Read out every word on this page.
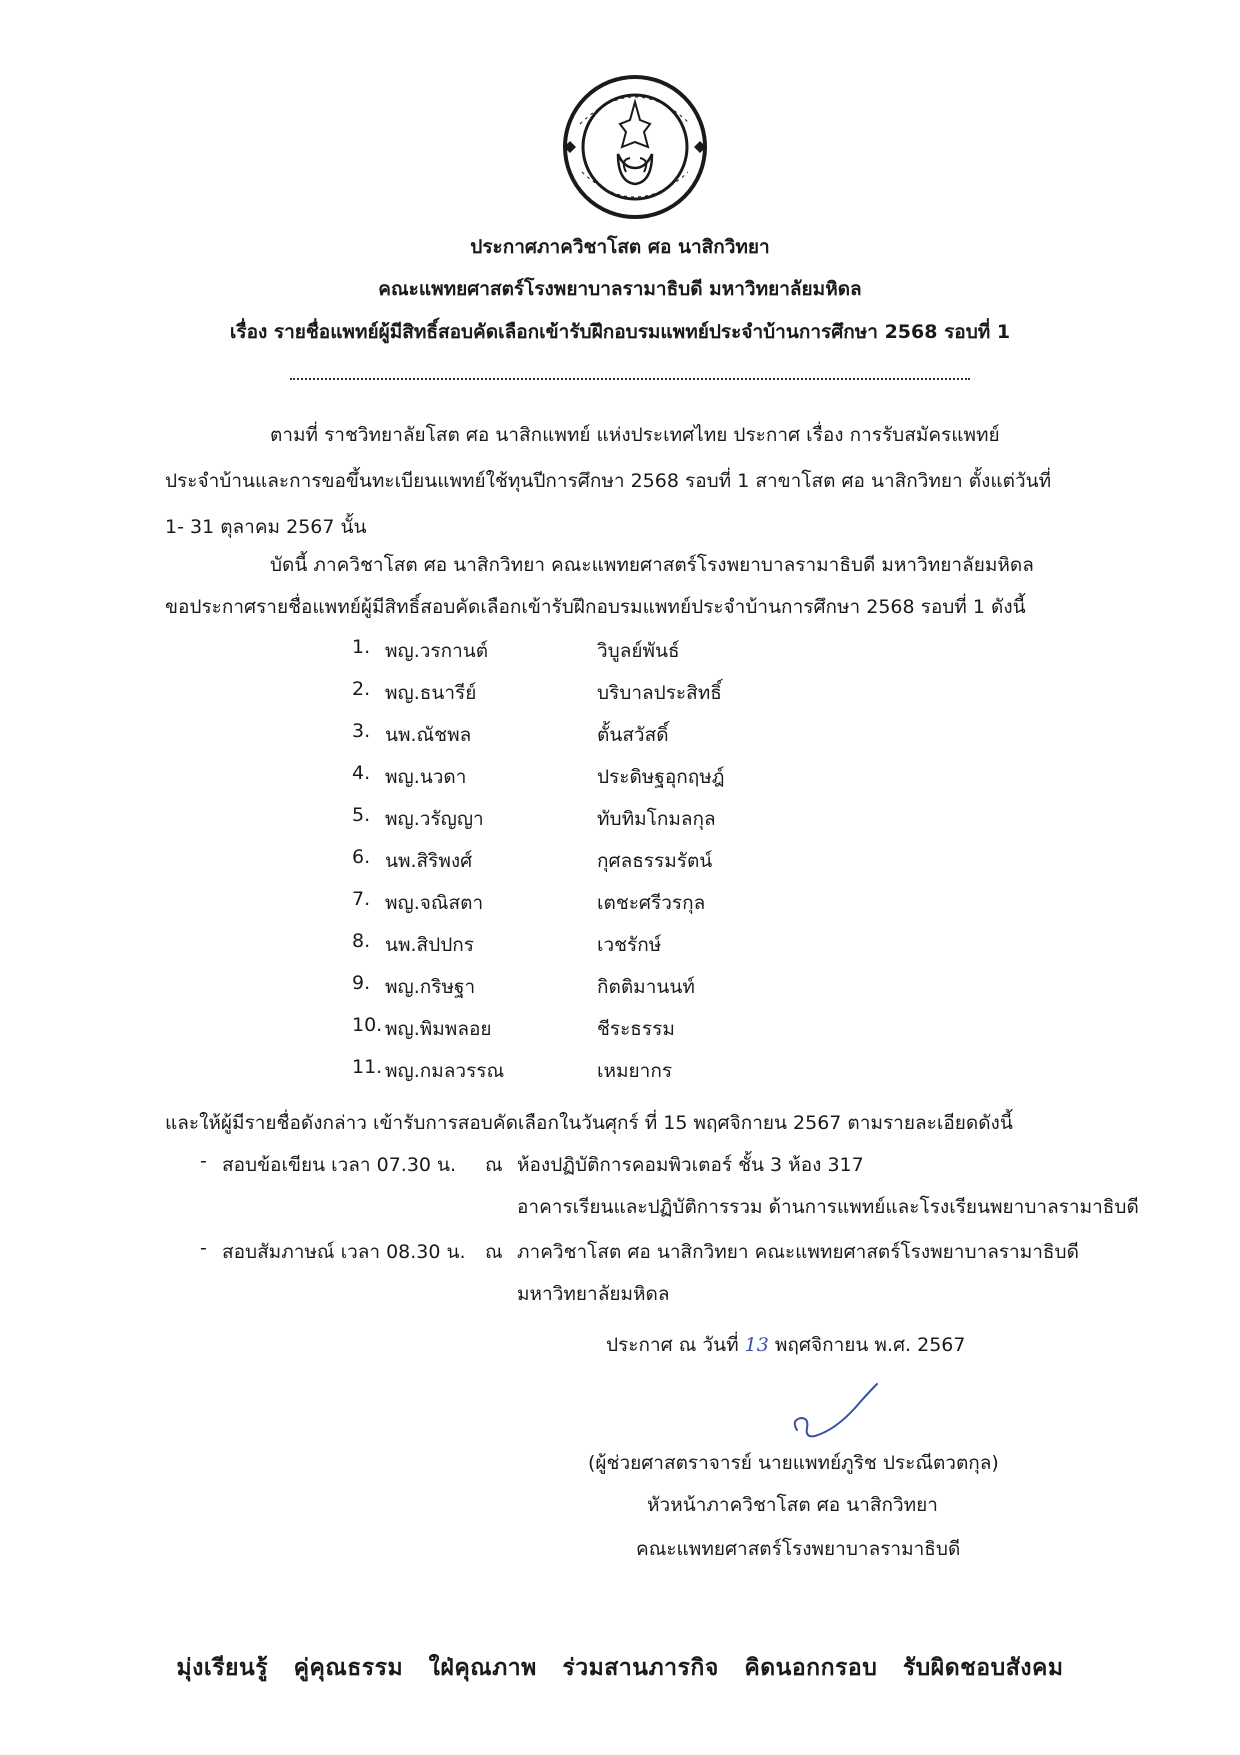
ประกาศภาควิชาโสต ศอ นาสิกวิทยา
คณะแพทยศาสตร์โรงพยาบาลรามาธิบดี มหาวิทยาลัยมหิดล
เรื่อง รายชื่อแพทย์ผู้มีสิทธิ์สอบคัดเลือกเข้ารับฝึกอบรมแพทย์ประจำบ้านการศึกษา 2568 รอบที่ 1
ตามที่ ราชวิทยาลัยโสต ศอ นาสิกแพทย์ แห่งประเทศไทย ประกาศ เรื่อง การรับสมัครแพทย์
ประจำบ้านและการขอขึ้นทะเบียนแพทย์ใช้ทุนปีการศึกษา 2568 รอบที่ 1 สาขาโสต ศอ นาสิกวิทยา ตั้งแต่วันที่
1- 31 ตุลาคม 2567 นั้น
บัดนี้ ภาควิชาโสต ศอ นาสิกวิทยา คณะแพทยศาสตร์โรงพยาบาลรามาธิบดี มหาวิทยาลัยมหิดล
ขอประกาศรายชื่อแพทย์ผู้มีสิทธิ์สอบคัดเลือกเข้ารับฝึกอบรมแพทย์ประจำบ้านการศึกษา 2568 รอบที่ 1 ดังนี้
1. พญ.วรกานต์	วิบูลย์พันธ์
2. พญ.ธนารีย์	บริบาลประสิทธิ์
3. นพ.ณัชพล	ตั้นสวัสดิ์
4. พญ.นวดา	ประดิษฐอุกฤษฎ์
5. พญ.วรัญญา	ทับทิมโกมลกุล
6. นพ.สิริพงศ์	กุศลธรรมรัตน์
7. พญ.จณิสตา	เตชะศรีวรกุล
8. นพ.สิปปกร	เวชรักษ์
9. พญ.กริษฐา	กิตติมานนท์
10. พญ.พิมพลอย	ชีระธรรม
11. พญ.กมลวรรณ	เหมยากร
และให้ผู้มีรายชื่อดังกล่าว เข้ารับการสอบคัดเลือกในวันศุกร์ ที่ 15 พฤศจิกายน 2567 ตามรายละเอียดดังนี้
- สอบข้อเขียน เวลา 07.30 น. ณ ห้องปฏิบัติการคอมพิวเตอร์ ชั้น 3 ห้อง 317
อาคารเรียนและปฏิบัติการรวม ด้านการแพทย์และโรงเรียนพยาบาลรามาธิบดี
- สอบสัมภาษณ์ เวลา 08.30 น. ณ ภาควิชาโสต ศอ นาสิกวิทยา คณะแพทยศาสตร์โรงพยาบาลรามาธิบดี
มหาวิทยาลัยมหิดล
ประกาศ ณ วันที่ 13 พฤศจิกายน พ.ศ. 2567
(ผู้ช่วยศาสตราจารย์ นายแพทย์ภูริช ประณีตวตกุล)
หัวหน้าภาควิชาโสต ศอ นาสิกวิทยา
คณะแพทยศาสตร์โรงพยาบาลรามาธิบดี
มุ่งเรียนรู้   คู่คุณธรรม   ใฝ่คุณภาพ   ร่วมสานภารกิจ   คิดนอกกรอบ   รับผิดชอบสังคม
